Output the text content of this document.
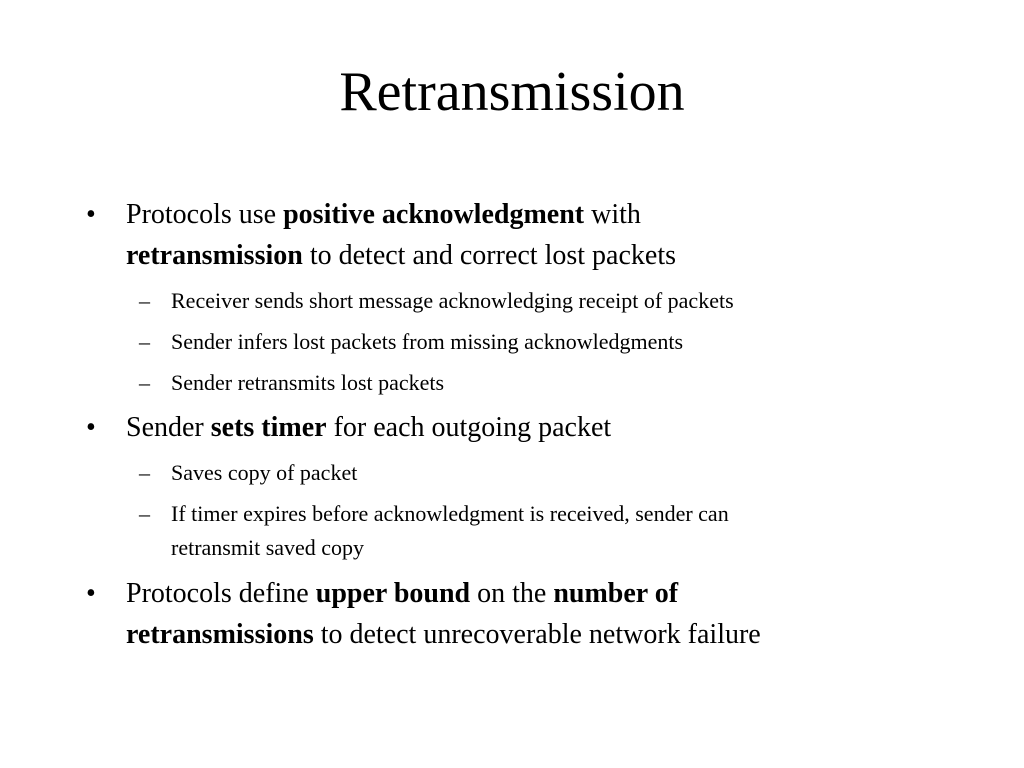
Retransmission
• Protocols use positive acknowledgment with
retransmission to detect and correct lost packets
– Receiver sends short message acknowledging receipt of packets
– Sender infers lost packets from missing acknowledgments
– Sender retransmits lost packets
• Sender sets timer for each outgoing packet
– Saves copy of packet
– If timer expires before acknowledgment is received, sender can
retransmit saved copy
• Protocols define upper bound on the number of
retransmissions to detect unrecoverable network failure
